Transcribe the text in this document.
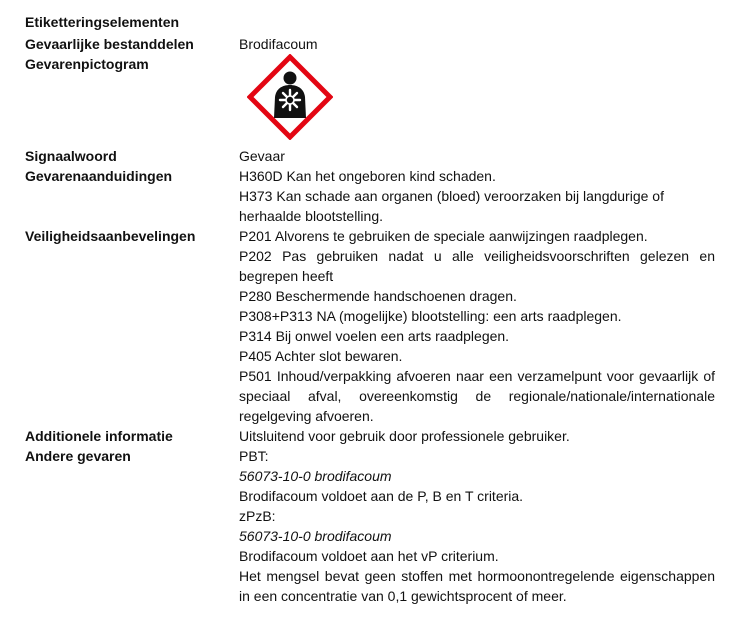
Etiketteringselementen
Gevaarlijke bestanddelen	Brodifacoum
Gevarenpictogram
Signaalwoord	Gevaar
Gevarenaanduidingen	H360D Kan het ongeboren kind schaden.
H373 Kan schade aan organen (bloed) veroorzaken bij langdurige of herhaalde blootstelling.
Veiligheidsaanbevelingen	P201 Alvorens te gebruiken de speciale aanwijzingen raadplegen.
P202 Pas gebruiken nadat u alle veiligheidsvoorschriften gelezen en begrepen heeft
P280 Beschermende handschoenen dragen.
P308+P313 NA (mogelijke) blootstelling: een arts raadplegen.
P314 Bij onwel voelen een arts raadplegen.
P405 Achter slot bewaren.
P501 Inhoud/verpakking afvoeren naar een verzamelpunt voor gevaarlijk of speciaal afval, overeenkomstig de regionale/nationale/internationale regelgeving afvoeren.
Additionele informatie	Uitsluitend voor gebruik door professionele gebruiker.
Andere gevaren	PBT:
56073-10-0 brodifacoum
Brodifacoum voldoet aan de P, B en T criteria.
zPzB:
56073-10-0 brodifacoum
Brodifacoum voldoet aan het vP criterium.
Het mengsel bevat geen stoffen met hormoonontregelende eigenschappen in een concentratie van 0,1 gewichtsprocent of meer.
